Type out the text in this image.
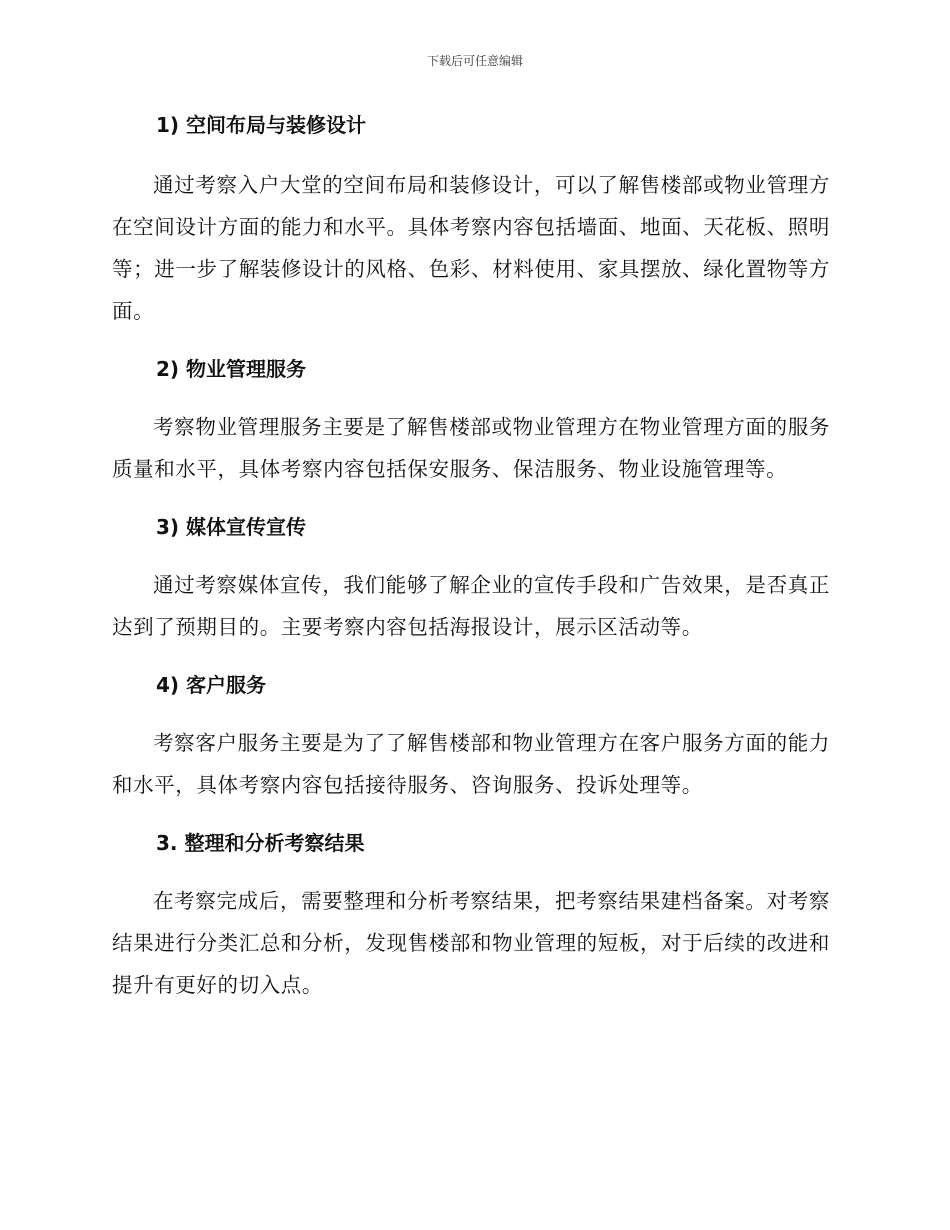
下载后可任意编辑
1) 空间布局与装修设计

通过考察入户大堂的空间布局和装修设计，可以了解售楼部或物业管理方在空间设计方面的能力和水平。具体考察内容包括墙面、地面、天花板、照明等；进一步了解装修设计的风格、色彩、材料使用、家具摆放、绿化置物等方面。

2) 物业管理服务

考察物业管理服务主要是了解售楼部或物业管理方在物业管理方面的服务质量和水平，具体考察内容包括保安服务、保洁服务、物业设施管理等。

3) 媒体宣传宣传

通过考察媒体宣传，我们能够了解企业的宣传手段和广告效果，是否真正达到了预期目的。主要考察内容包括海报设计，展示区活动等。

4) 客户服务

考察客户服务主要是为了了解售楼部和物业管理方在客户服务方面的能力和水平，具体考察内容包括接待服务、咨询服务、投诉处理等。

3. 整理和分析考察结果

在考察完成后，需要整理和分析考察结果，把考察结果建档备案。对考察结果进行分类汇总和分析，发现售楼部和物业管理的短板，对于后续的改进和提升有更好的切入点。
